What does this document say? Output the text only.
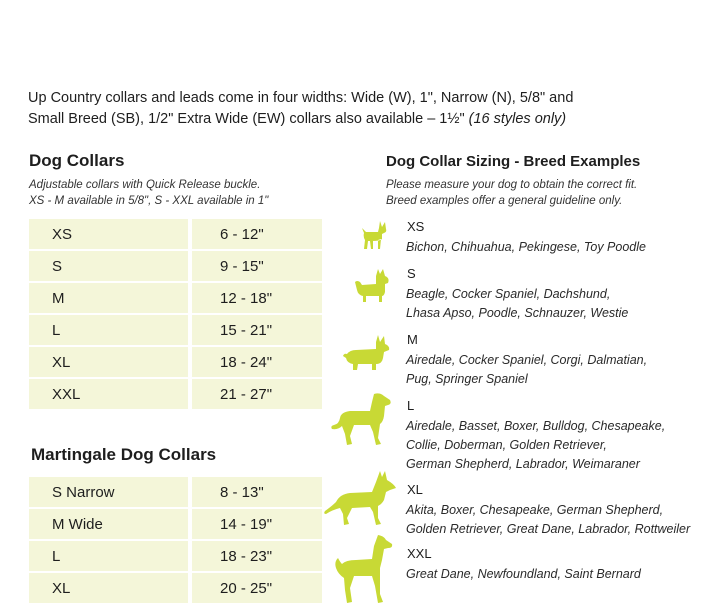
Up Country collars and leads come in four widths: Wide (W), 1", Narrow (N), 5/8" and
Small Breed (SB), 1/2" Extra Wide (EW) collars also available – 1½" (16 styles only)
Dog Collars
Adjustable collars with Quick Release buckle.
XS - M available in 5/8", S - XXL available in 1"
XS		6 - 12"
S		9 - 15"
M		12 - 18"
L		15 - 21"
XL		18 - 24"
XXL		21 - 27"
Martingale Dog Collars
S Narrow		8 - 13"
M Wide		14 - 19"
L		18 - 23"
XL		20 - 25"
Dog Collar Sizing - Breed Examples
Please measure your dog to obtain the correct fit.
Breed examples offer a general guideline only.
XS
Bichon, Chihuahua, Pekingese, Toy Poodle
S
Beagle, Cocker Spaniel, Dachshund,
Lhasa Apso, Poodle, Schnauzer, Westie
M
Airedale, Cocker Spaniel, Corgi, Dalmatian,
Pug, Springer Spaniel
L
Airedale, Basset, Boxer, Bulldog, Chesapeake,
Collie, Doberman, Golden Retriever,
German Shepherd, Labrador, Weimaraner
XL
Akita, Boxer, Chesapeake, German Shepherd,
Golden Retriever, Great Dane, Labrador, Rottweiler
XXL
Great Dane, Newfoundland, Saint Bernard
